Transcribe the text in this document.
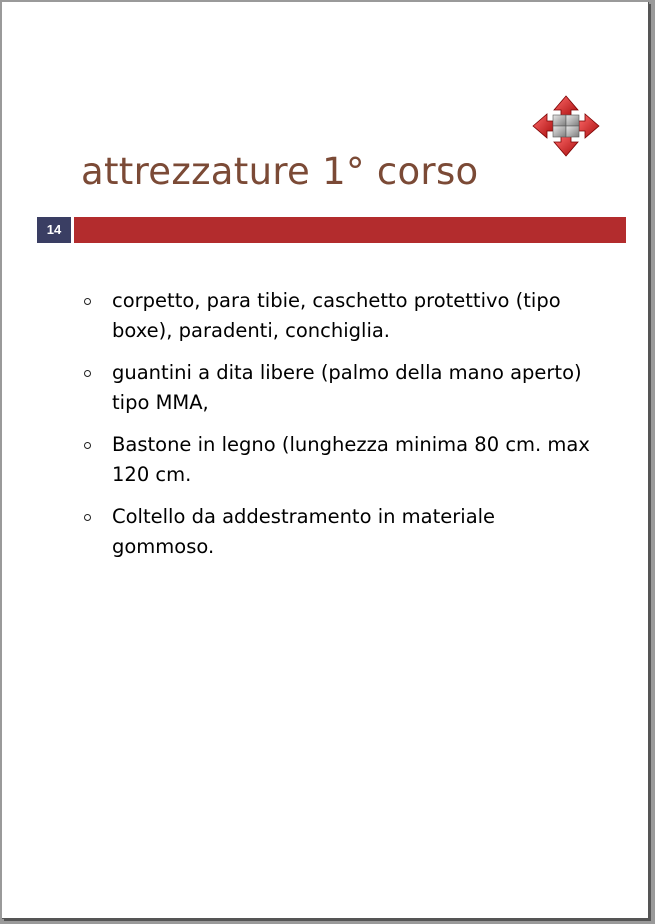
attrezzature 1° corso
14
corpetto, para tibie, caschetto protettivo (tipo boxe), paradenti, conchiglia.
guantini a dita libere (palmo della mano aperto) tipo MMA,
Bastone in legno (lunghezza minima 80 cm. max 120 cm.
Coltello da addestramento in materiale gommoso.
